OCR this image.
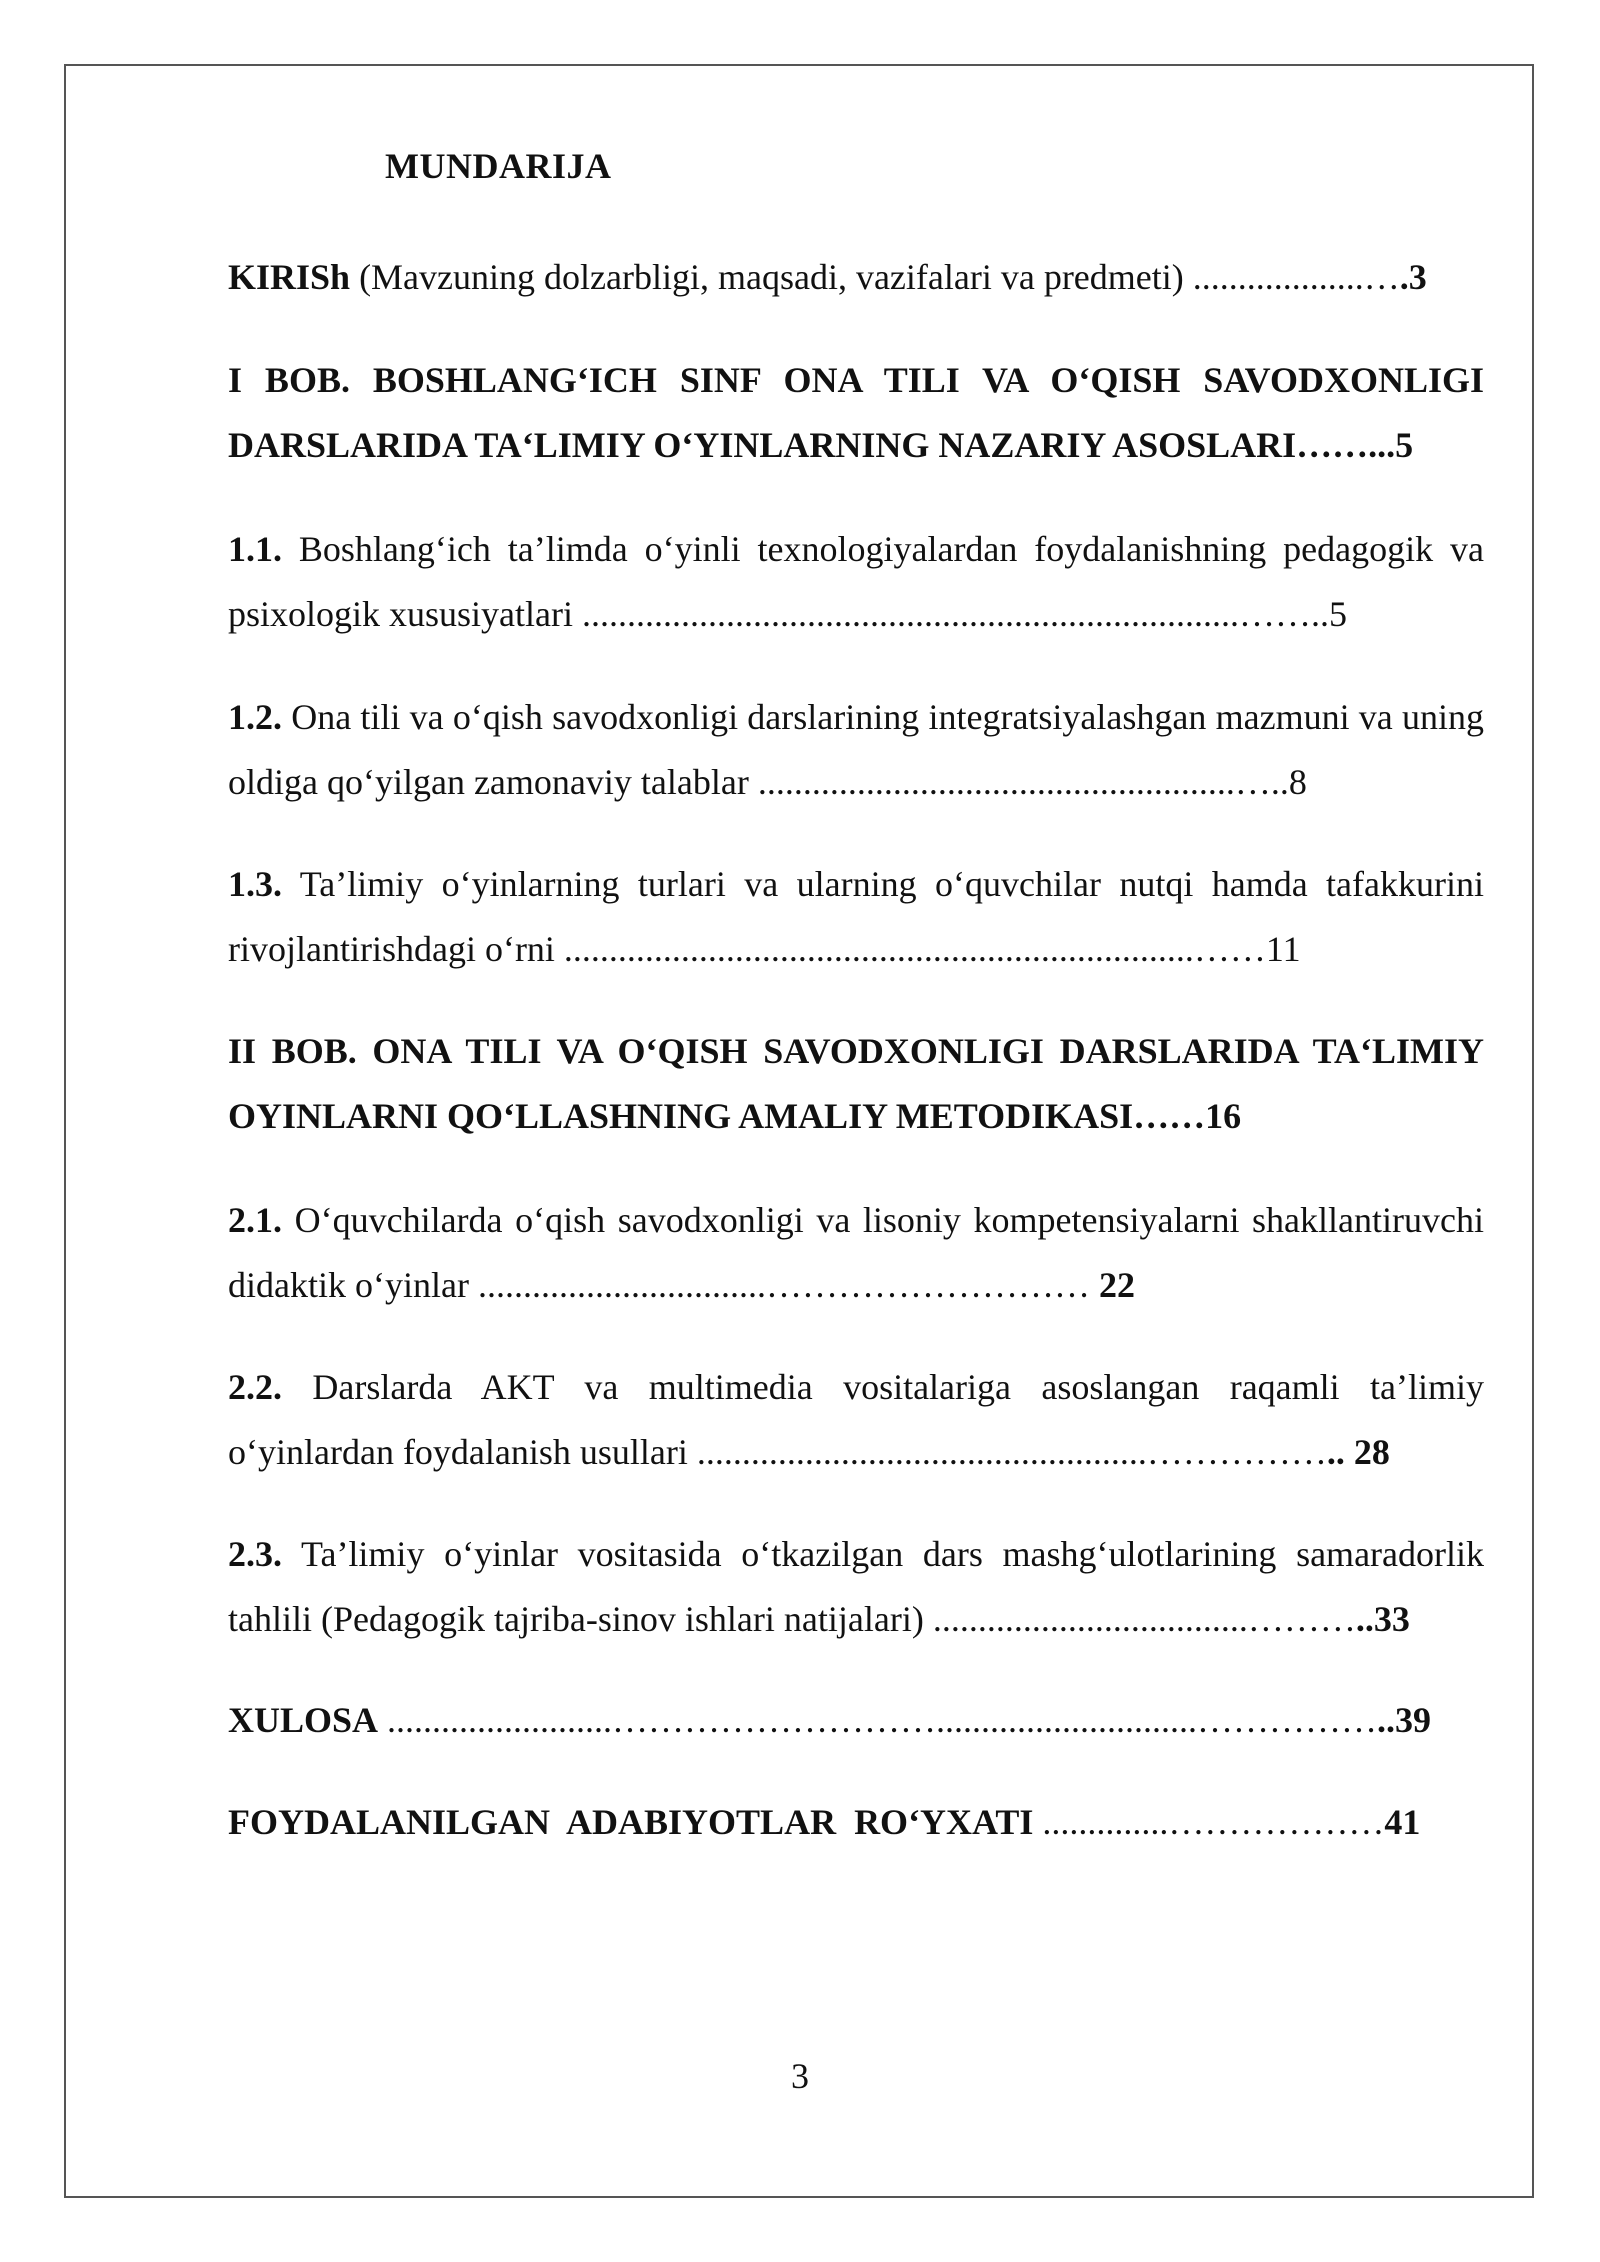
MUNDARIJA
KIRISh (Mavzuning dolzarbligi, maqsadi, vazifalari va predmeti) ...................….3
I BOB. BOSHLANG‘ICH SINF ONA TILI VA O‘QISH SAVODXONLIGI DARSLARIDA TA‘LIMIY O‘YINLARNING NAZARIY ASOSLARI……...5
1.1. Boshlang‘ich ta’limda o‘yinli texnologiyalardan foydalanishning pedagogik va psixologik xususiyatlari .........................................................................……..5
1.2. Ona tili va o‘qish savodxonligi darslarining integratsiyalashgan mazmuni va uning oldiga qo‘yilgan zamonaviy talablar .....................................................…..8
1.3. Ta’limiy o‘yinlarning turlari va ularning o‘quvchilar nutqi hamda tafakkurini rivojlantirishdagi o‘rni ......................................................................……11
II BOB. ONA TILI VA O‘QISH SAVODXONLIGI DARSLARIDA TA‘LIMIY OYINLARNI QO‘LLASHNING AMALIY METODIKASI……16
2.1. O‘quvchilarda o‘qish savodxonligi va lisoniy kompetensiyalarni shakllantiruvchi didaktik o‘yinlar ................................……………………… 22
2.2. Darslarda AKT va multimedia vositalariga asoslangan raqamli ta’limiy o‘yinlardan foydalanish usullari ..................................................…………….. 28
2.3. Ta’limiy o‘yinlar vositasida o‘tkazilgan dars mashg‘ulotlarining samaradorlik tahlili (Pedagogik tajriba-sinov ishlari natijalari) ...................................………..33
XULOSA .........................……………………….............................……………..39
FOYDALANILGAN  ADABIYOTLAR  RO‘YXATI ..............………………41
3
